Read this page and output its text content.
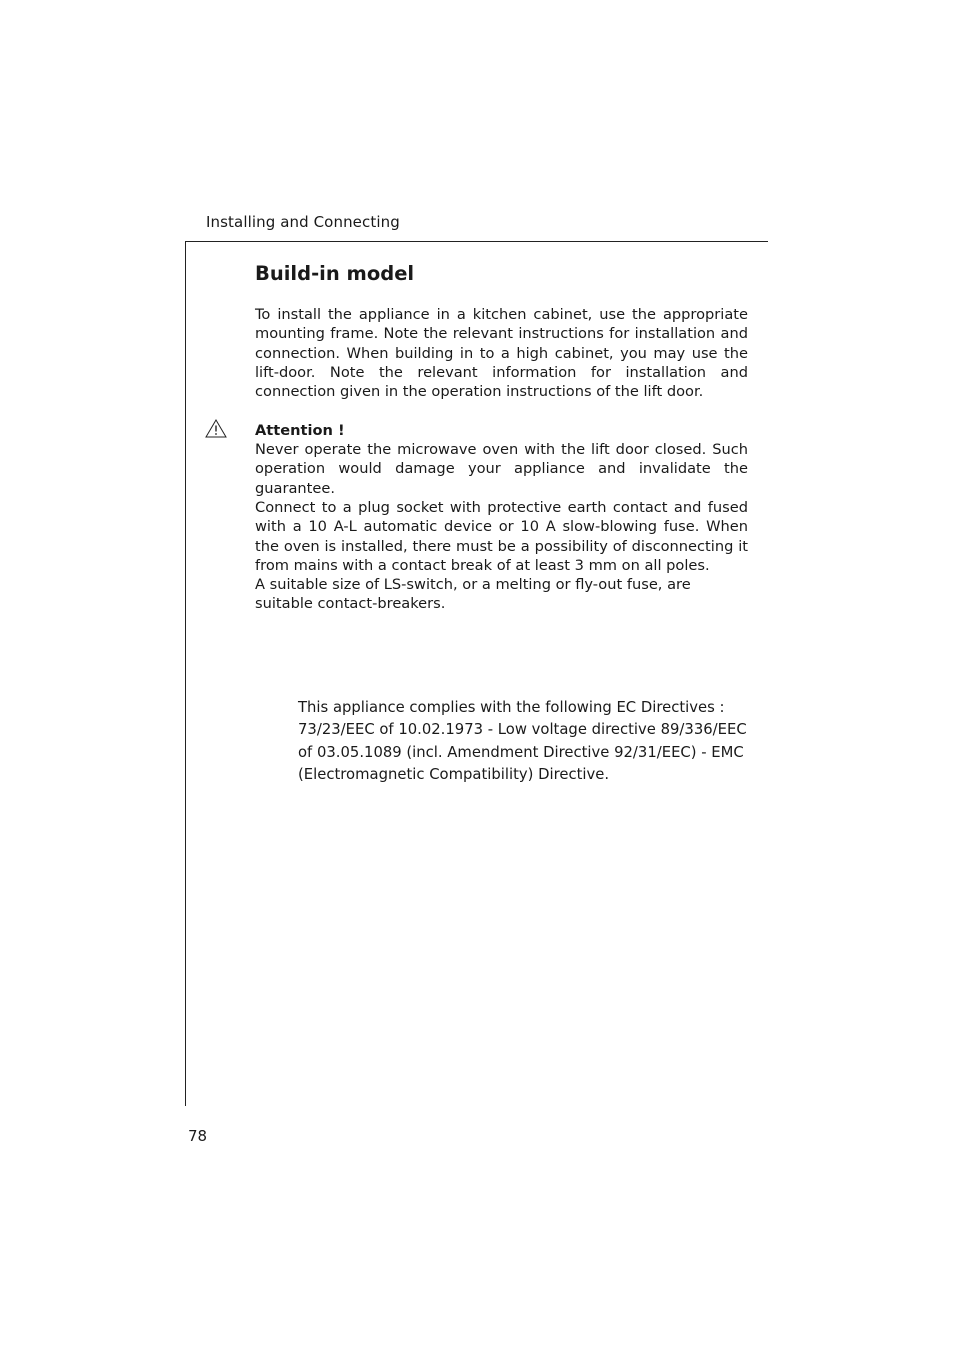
Installing and Connecting
Build-in model

To install the appliance in a kitchen cabinet, use the appropriate mounting frame. Note the relevant instructions for installation and connection. When building in to a high cabinet, you may use the lift-door. Note the relevant information for installation and connection given in the operation instructions of the lift door.

Attention !

Never operate the microwave oven with the lift door closed. Such operation would damage your appliance and invalidate the guarantee.

Connect to a plug socket with protective earth contact and fused with a 10 A-L automatic device or 10 A slow-blowing fuse. When the oven is installed, there must be a possibility of disconnecting it from mains with a contact break of at least 3 mm on all poles.

A suitable size of LS-switch, or a melting or fly-out fuse, are suitable contact-breakers.

This appliance complies with the following EC Directives :
73/23/EEC of 10.02.1973 - Low voltage directive 89/336/EEC
of 03.05.1089 (incl. Amendment Directive 92/31/EEC) - EMC
(Electromagnetic Compatibility) Directive.
78
